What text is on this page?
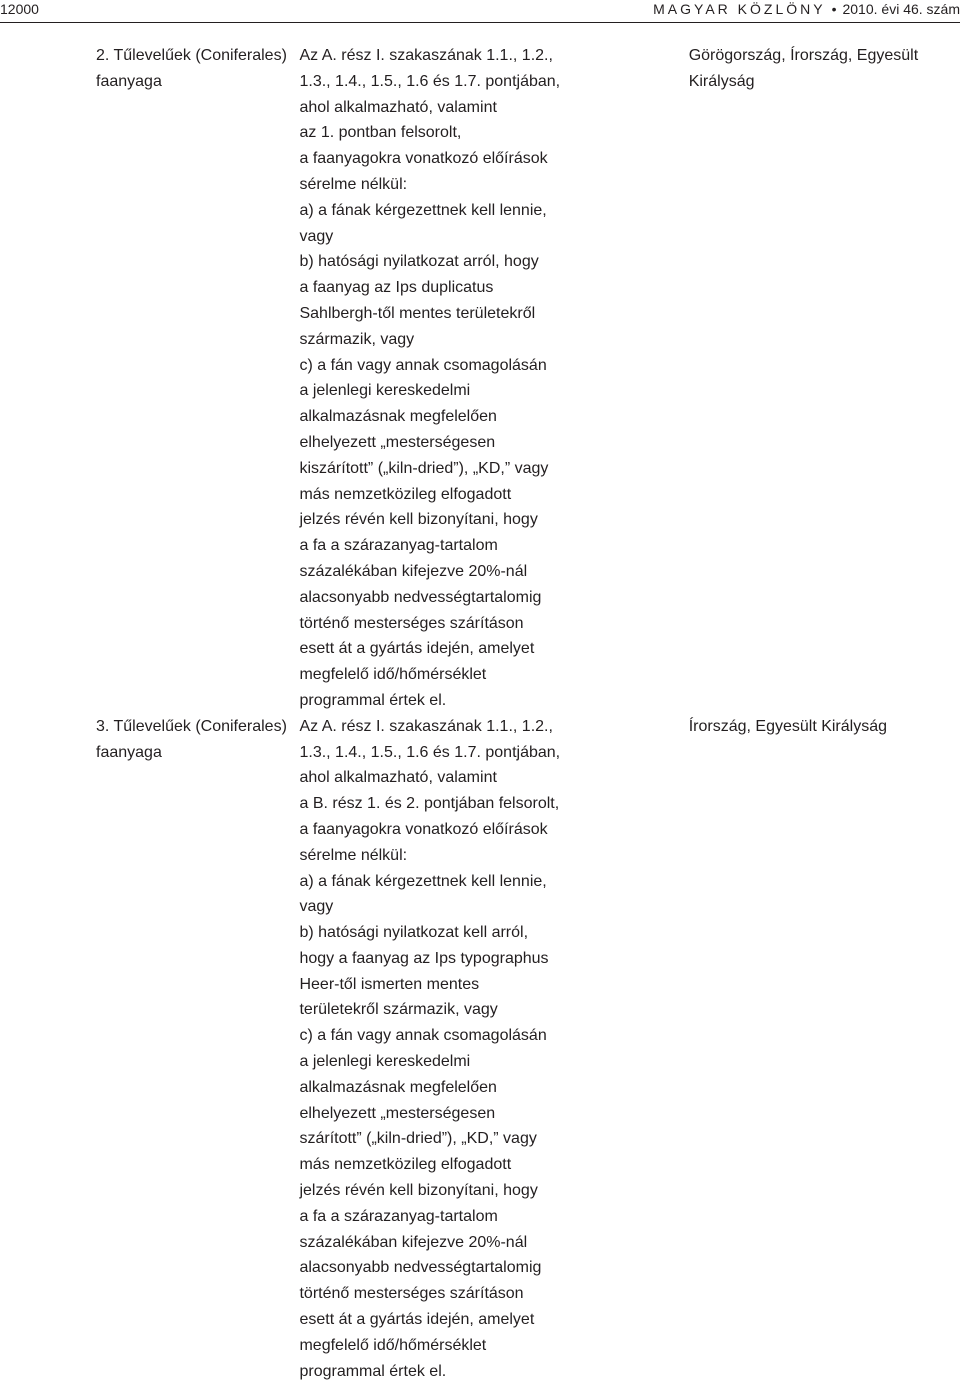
12000	MAGYAR KÖZLÖNY • 2010. évi 46. szám
2. Tűlevelűek (Coniferales)
faanyaga
Az A. rész I. szakaszának 1.1., 1.2.,
1.3., 1.4., 1.5., 1.6 és 1.7. pontjában,
ahol alkalmazható, valamint
az 1. pontban felsorolt,
a faanyagokra vonatkozó előírások
sérelme nélkül:
a) a fának kérgezettnek kell lennie,
vagy
b) hatósági nyilatkozat arról, hogy
a faanyag az Ips duplicatus
Sahlbergh-től mentes területekről
származik, vagy
c) a fán vagy annak csomagolásán
a jelenlegi kereskedelmi
alkalmazásnak megfelelően
elhelyezett „mesterségesen
kiszárított” („kiln-dried”), „KD,” vagy
más nemzetközileg elfogadott
jelzés révén kell bizonyítani, hogy
a fa a szárazanyag-tartalom
százalékában kifejezve 20%-nál
alacsonyabb nedvességtartalomig
történő mesterséges szárításon
esett át a gyártás idején, amelyet
megfelelő idő/hőmérséklet
programmal értek el.
Görögország, Írország, Egyesült
Királyság
3. Tűlevelűek (Coniferales)
faanyaga
Az A. rész I. szakaszának 1.1., 1.2.,
1.3., 1.4., 1.5., 1.6 és 1.7. pontjában,
ahol alkalmazható, valamint
a B. rész 1. és 2. pontjában felsorolt,
a faanyagokra vonatkozó előírások
sérelme nélkül:
a) a fának kérgezettnek kell lennie,
vagy
b) hatósági nyilatkozat kell arról,
hogy a faanyag az Ips typographus
Heer-től ismerten mentes
területekről származik, vagy
c) a fán vagy annak csomagolásán
a jelenlegi kereskedelmi
alkalmazásnak megfelelően
elhelyezett „mesterségesen
szárított” („kiln-dried”), „KD,” vagy
más nemzetközileg elfogadott
jelzés révén kell bizonyítani, hogy
a fa a szárazanyag-tartalom
százalékában kifejezve 20%-nál
alacsonyabb nedvességtartalomig
történő mesterséges szárításon
esett át a gyártás idején, amelyet
megfelelő idő/hőmérséklet
programmal értek el.
Írország, Egyesült Királyság
